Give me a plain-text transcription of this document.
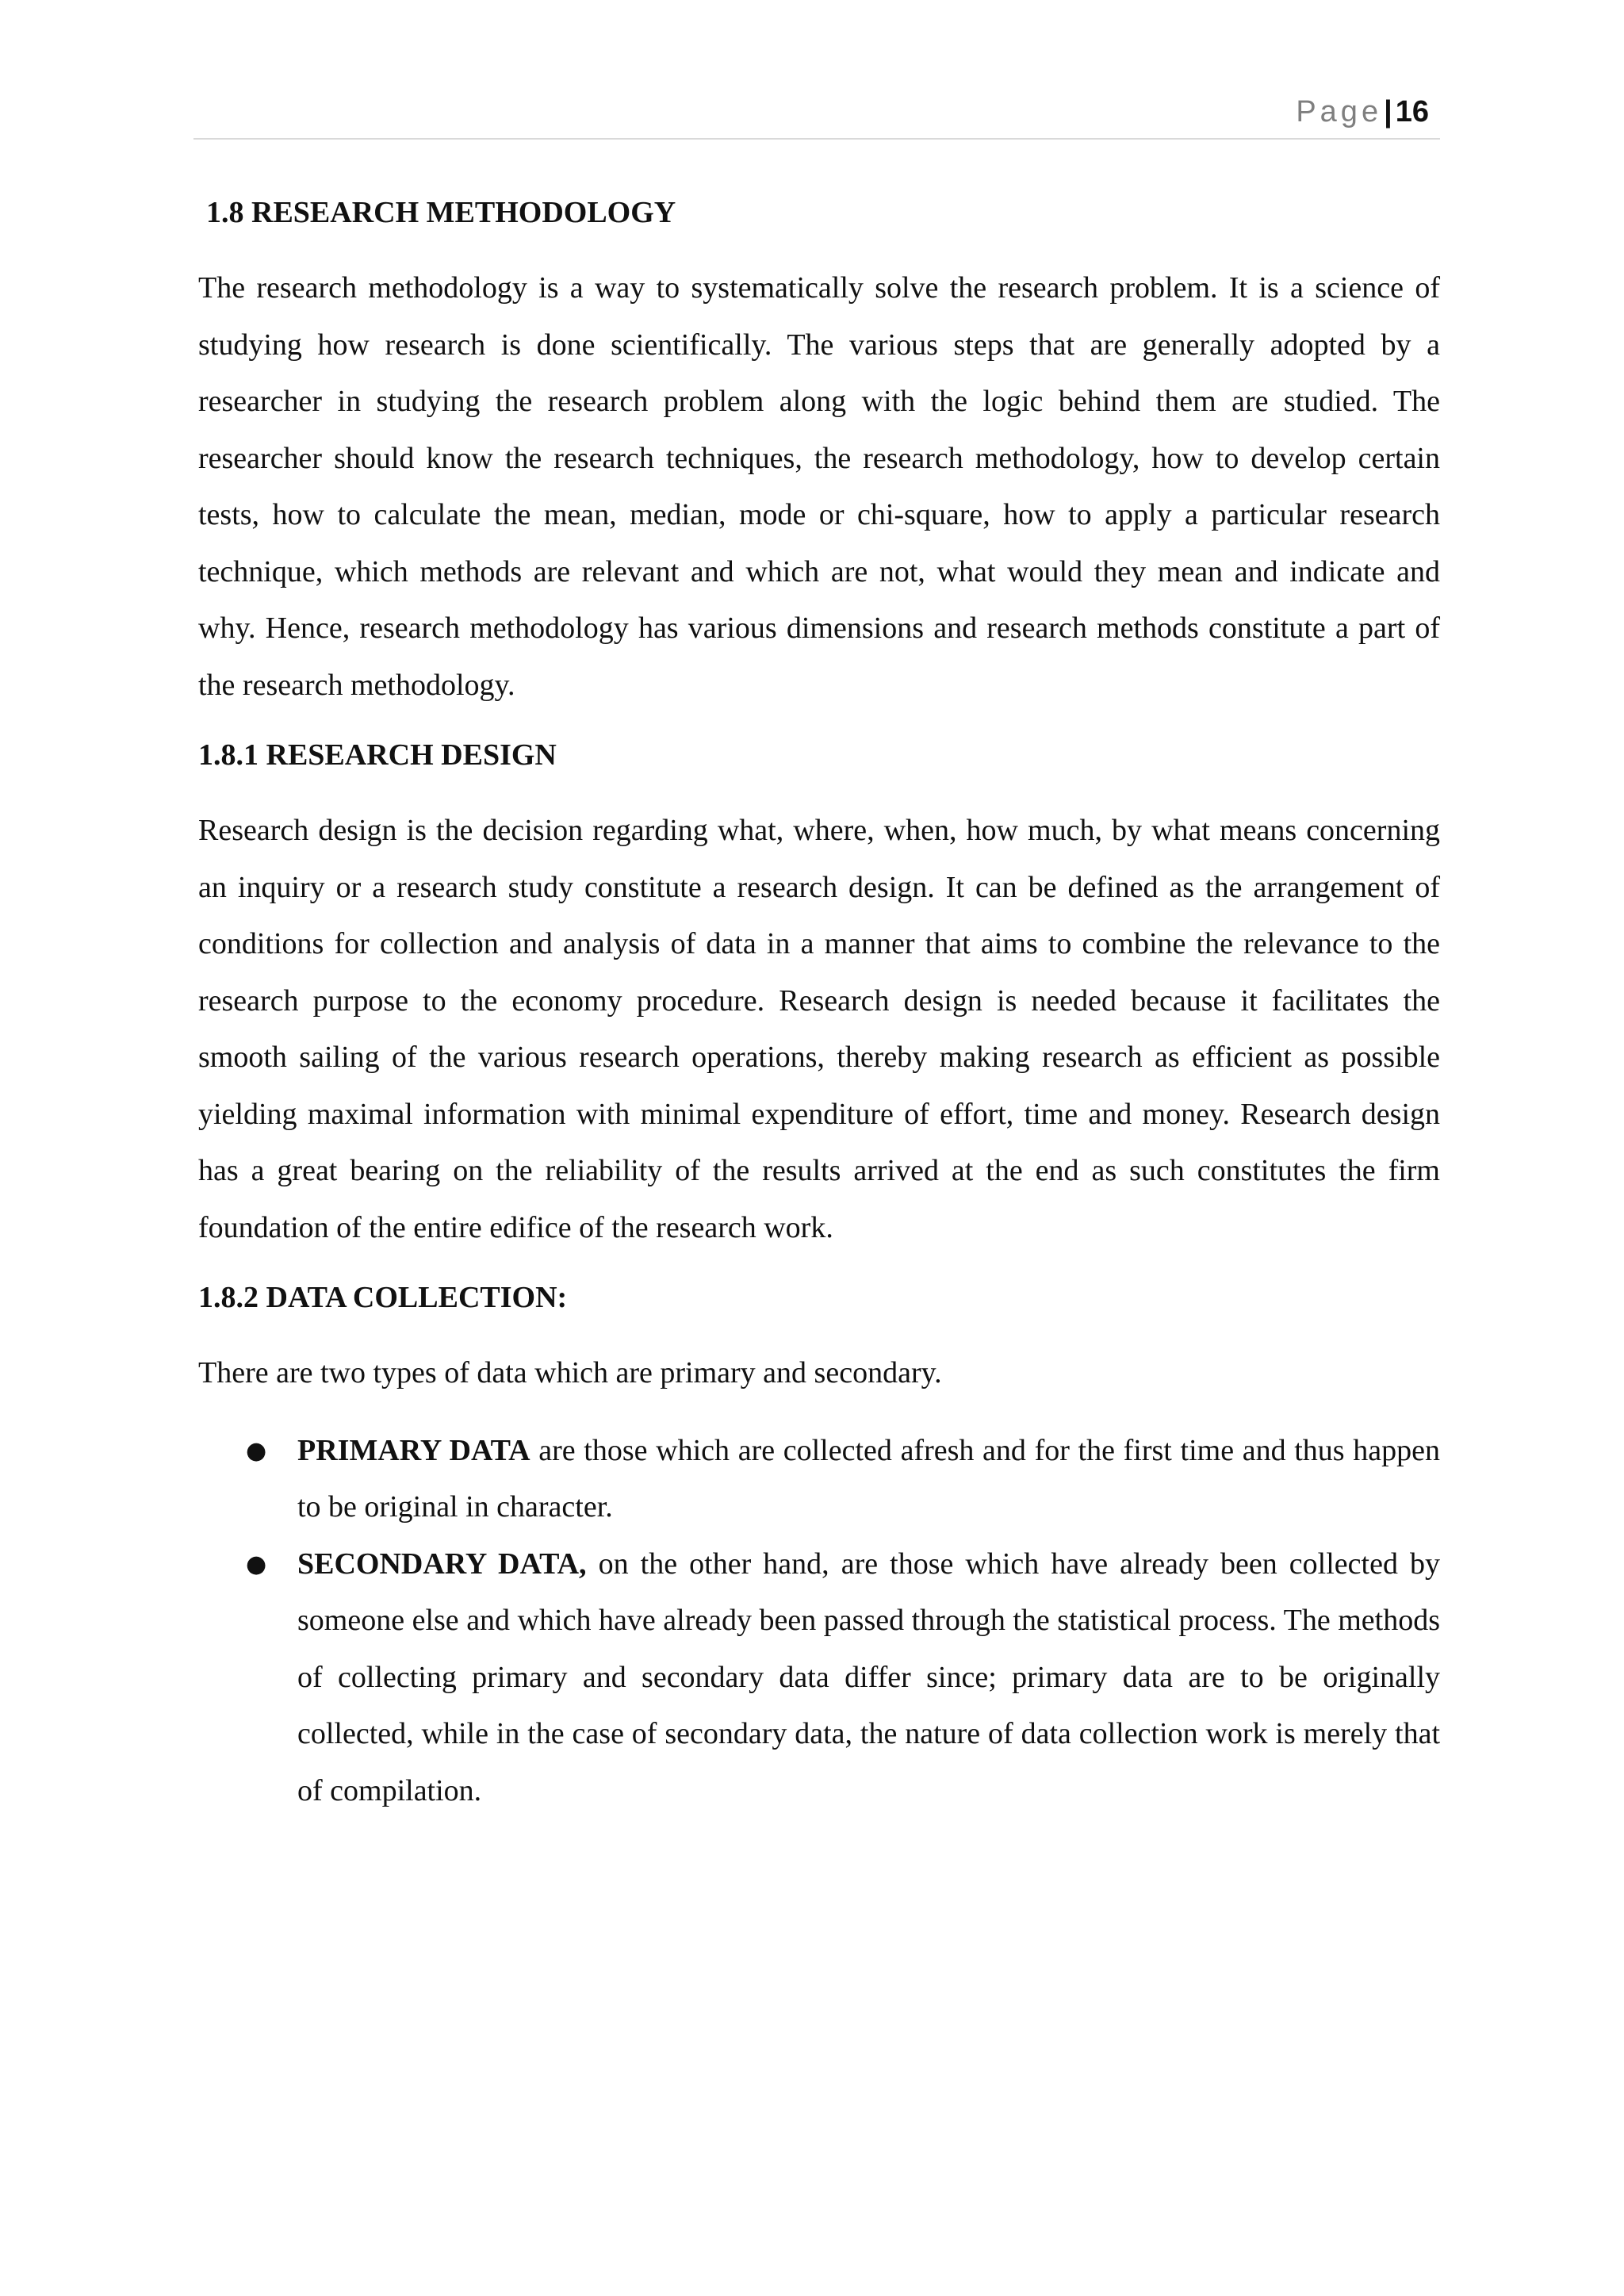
Page| 16
1.8 RESEARCH METHODOLOGY

The research methodology is a way to systematically solve the research problem. It is a science of studying how research is done scientifically. The various steps that are generally adopted by a researcher in studying the research problem along with the logic behind them are studied. The researcher should know the research techniques, the research methodology, how to develop certain tests, how to calculate the mean, median, mode or chi-square, how to apply a particular research technique, which methods are relevant and which are not, what would they mean and indicate and why. Hence, research methodology has various dimensions and research methods constitute a part of the research methodology.

1.8.1 RESEARCH DESIGN

Research design is the decision regarding what, where, when, how much, by what means concerning an inquiry or a research study constitute a research design. It can be defined as the arrangement of conditions for collection and analysis of data in a manner that aims to combine the relevance to the research purpose to the economy procedure. Research design is needed because it facilitates the smooth sailing of the various research operations, thereby making research as efficient as possible yielding maximal information with minimal expenditure of effort, time and money. Research design has a great bearing on the reliability of the results arrived at the end as such constitutes the firm foundation of the entire edifice of the research work.

1.8.2 DATA COLLECTION:

There are two types of data which are primary and secondary.

● PRIMARY DATA are those which are collected afresh and for the first time and thus happen to be original in character.
● SECONDARY DATA, on the other hand, are those which have already been collected by someone else and which have already been passed through the statistical process. The methods of collecting primary and secondary data differ since; primary data are to be originally collected, while in the case of secondary data, the nature of data collection work is merely that of compilation.
